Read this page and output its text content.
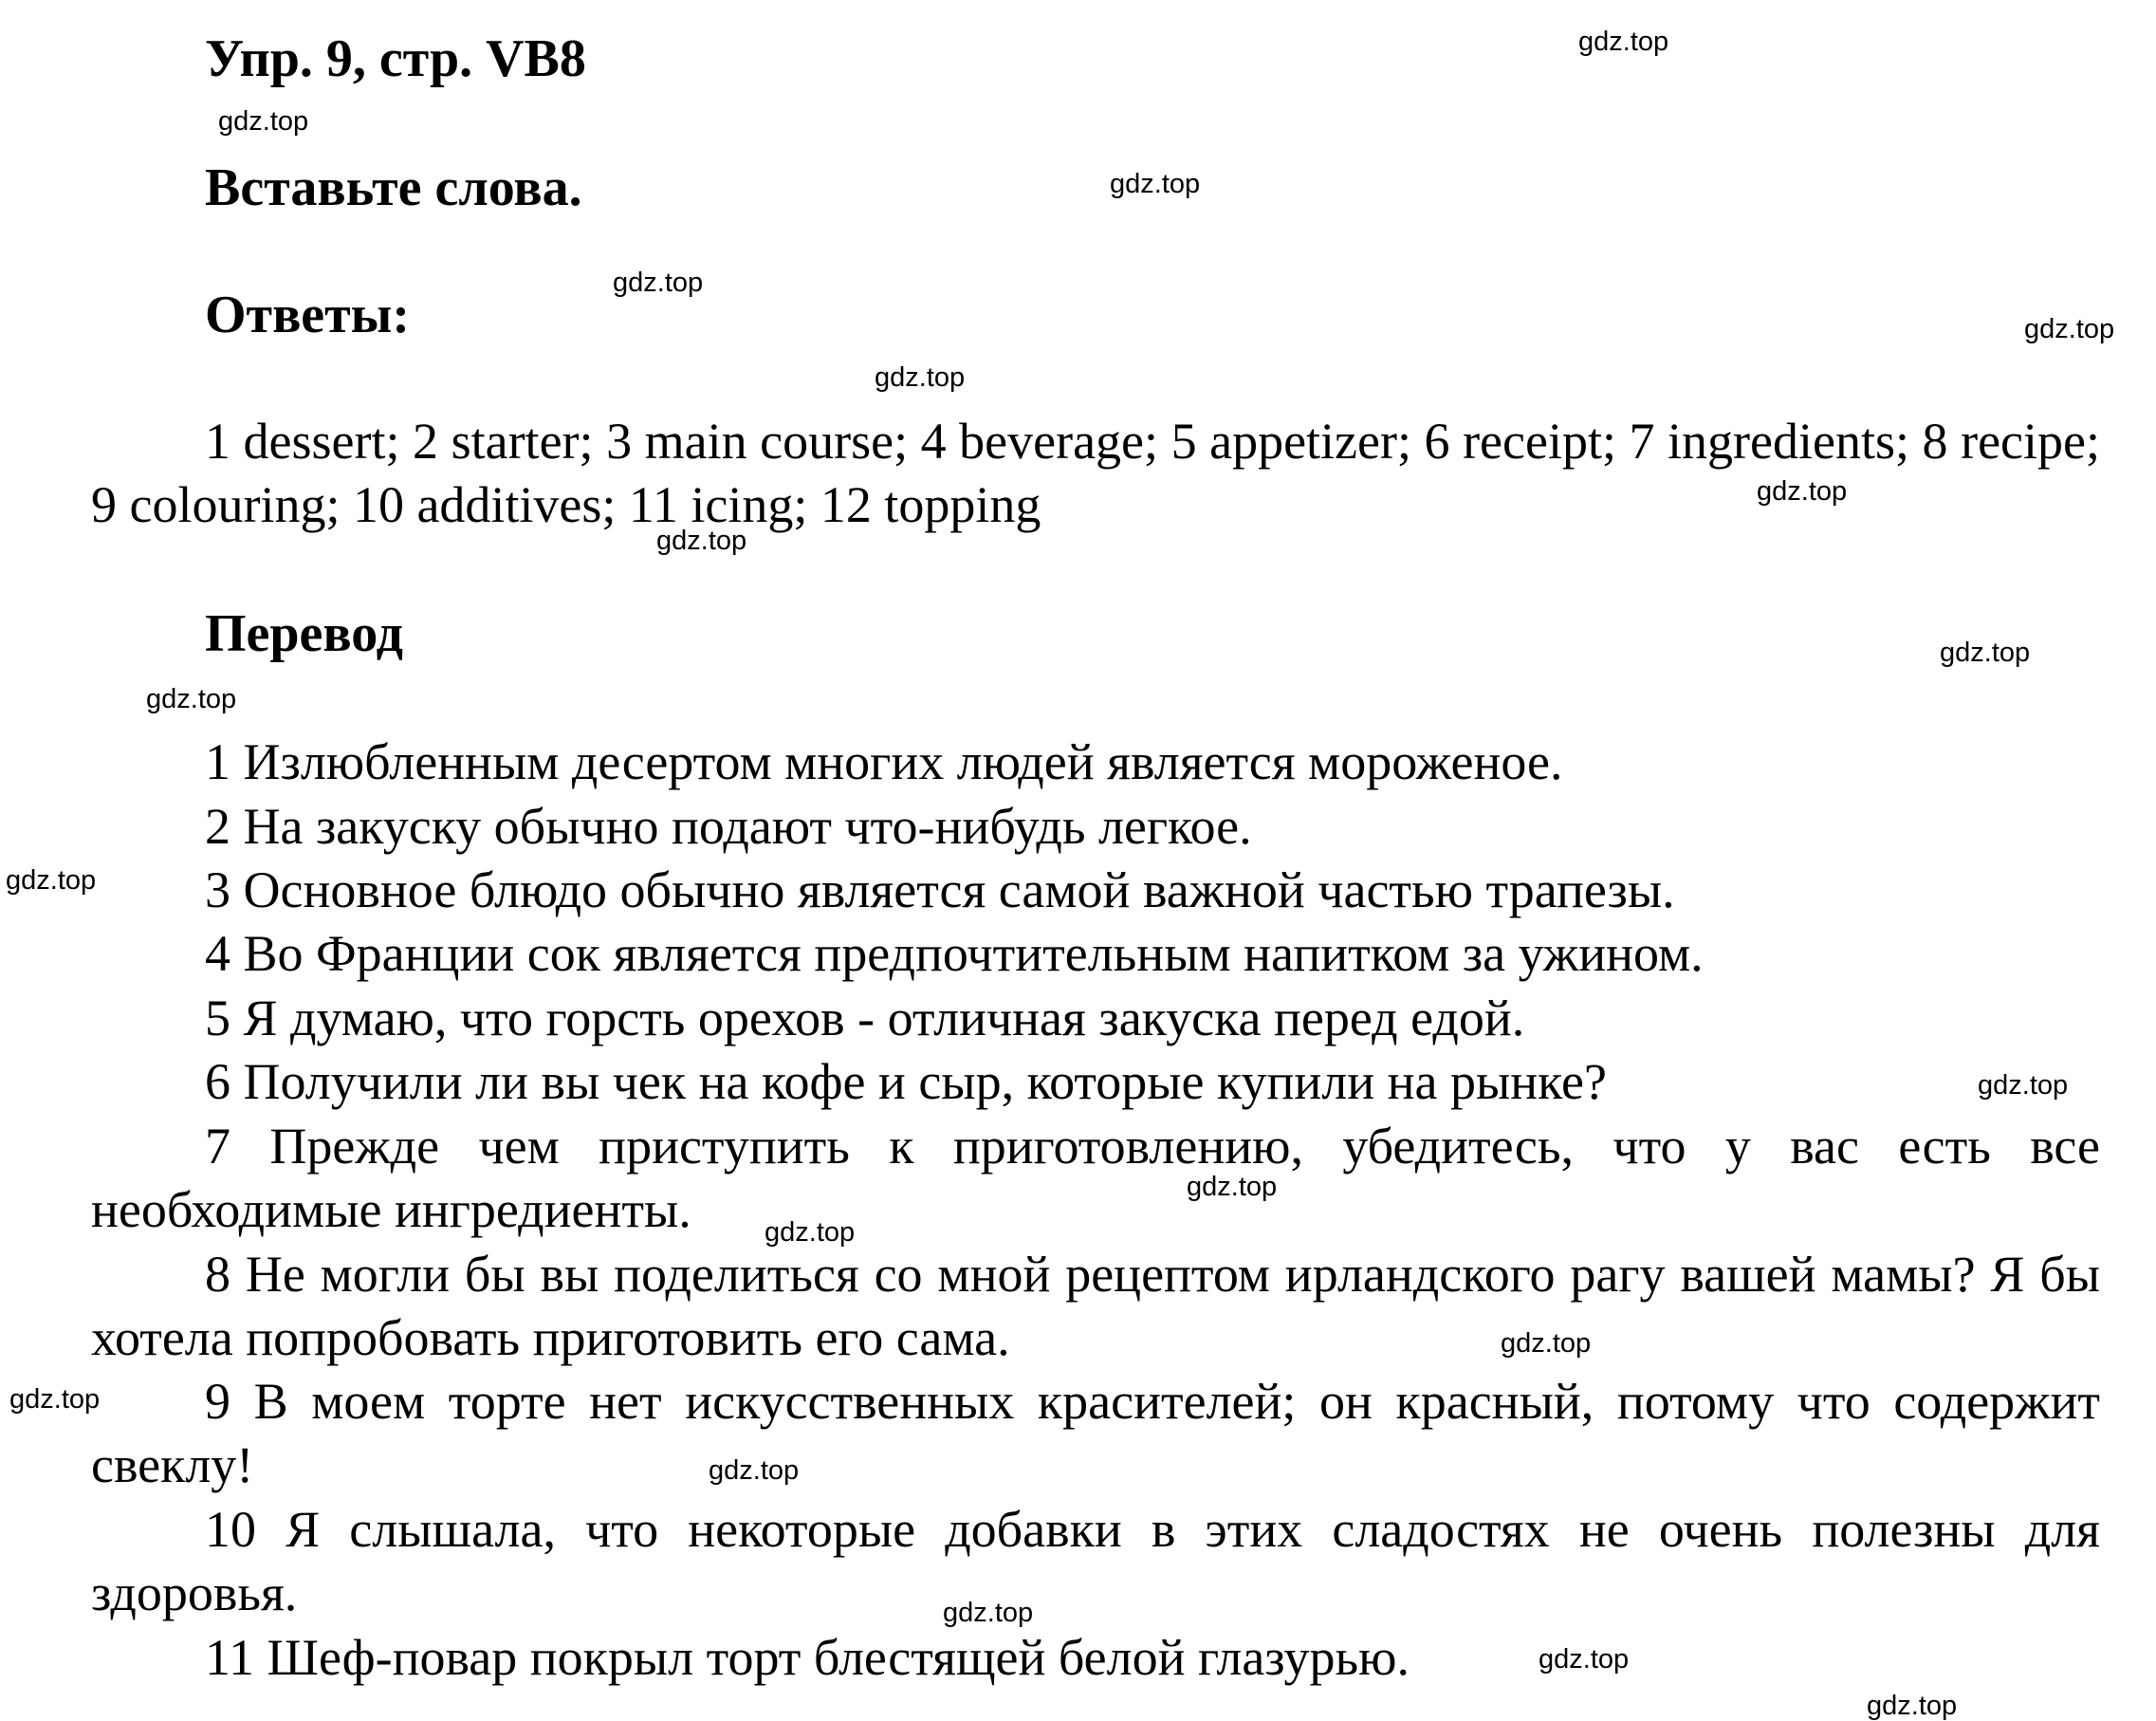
Упр. 9, стр. VB8
Вставьте слова.
Ответы:
1 dessert; 2 starter; 3 main course; 4 beverage; 5 appetizer; 6 receipt; 7 ingredients; 8 recipe; 9 colouring; 10 additives; 11 icing; 12 topping
Перевод
1 Излюбленным десертом многих людей является мороженое.
2 На закуску обычно подают что-нибудь легкое.
3 Основное блюдо обычно является самой важной частью трапезы.
4 Во Франции сок является предпочтительным напитком за ужином.
5 Я думаю, что горсть орехов - отличная закуска перед едой.
6 Получили ли вы чек на кофе и сыр, которые купили на рынке?
7 Прежде чем приступить к приготовлению, убедитесь, что у вас есть все необходимые ингредиенты.
8 Не могли бы вы поделиться со мной рецептом ирландского рагу вашей мамы? Я бы хотела попробовать приготовить его сама.
9 В моем торте нет искусственных красителей; он красный, потому что содержит свеклу!
10 Я слышала, что некоторые добавки в этих сладостях не очень полезны для здоровья.
11 Шеф-повар покрыл торт блестящей белой глазурью.
gdz.top
gdz.top
gdz.top
gdz.top
gdz.top
gdz.top
gdz.top
gdz.top
gdz.top
gdz.top
gdz.top
gdz.top
gdz.top
gdz.top
gdz.top
gdz.top
gdz.top
gdz.top
gdz.top
gdz.top
